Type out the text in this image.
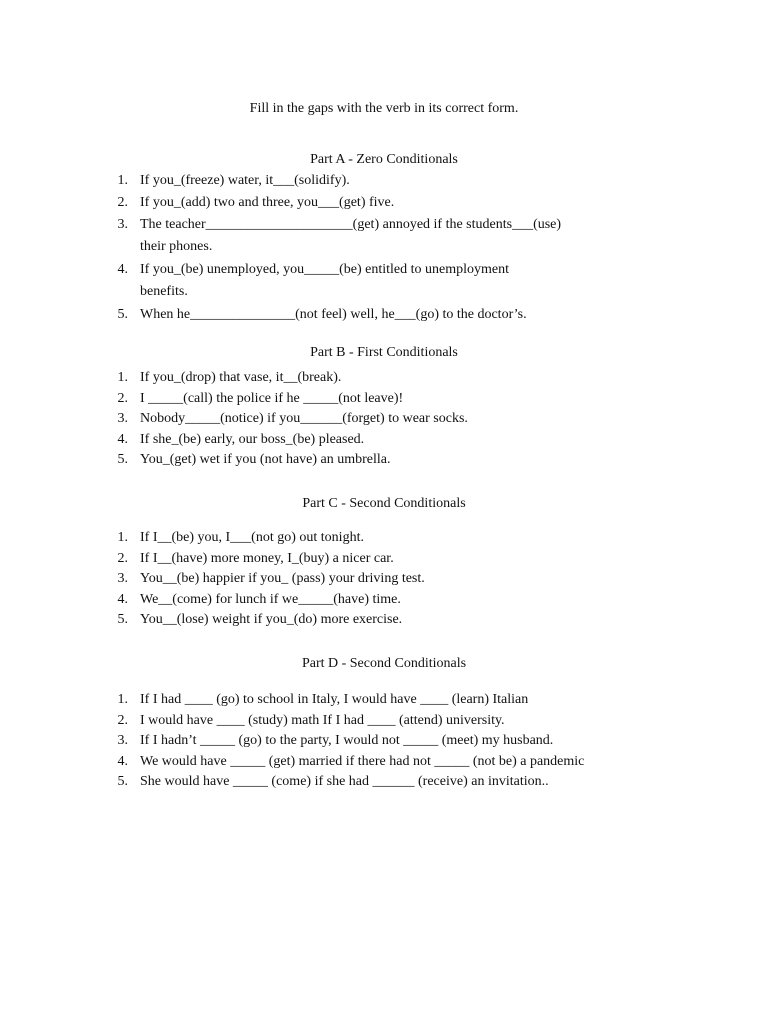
Fill in the gaps with the verb in its correct form.
Part A - Zero Conditionals
1. If you_(freeze) water, it___(solidify).
2. If you_(add) two and three, you___(get) five.
3. The teacher_____________________(get) annoyed if the students___(use)
their phones.
4. If you_(be) unemployed, you_____(be) entitled to unemployment
benefits.
5. When he_______________(not feel) well, he___(go) to the doctor’s.
Part B - First Conditionals
1. If you_(drop) that vase, it__(break).
2. I _____(call) the police if he _____(not leave)!
3. Nobody_____(notice) if you______(forget) to wear socks.
4. If she_(be) early, our boss_(be) pleased.
5. You_(get) wet if you (not have) an umbrella.
Part C - Second Conditionals
1. If I__(be) you, I___(not go) out tonight.
2. If I__(have) more money, I_(buy) a nicer car.
3. You__(be) happier if you_ (pass) your driving test.
4. We__(come) for lunch if we_____(have) time.
5. You__(lose) weight if you_(do) more exercise.
Part D - Second Conditionals
1. If I had ____ (go) to school in Italy, I would have ____ (learn) Italian
2. I would have ____ (study) math If I had ____ (attend) university.
3. If I hadn’t _____ (go) to the party, I would not _____ (meet) my husband.
4. We would have _____ (get) married if there had not _____ (not be) a pandemic
5. She would have _____ (come) if she had ______ (receive) an invitation..
